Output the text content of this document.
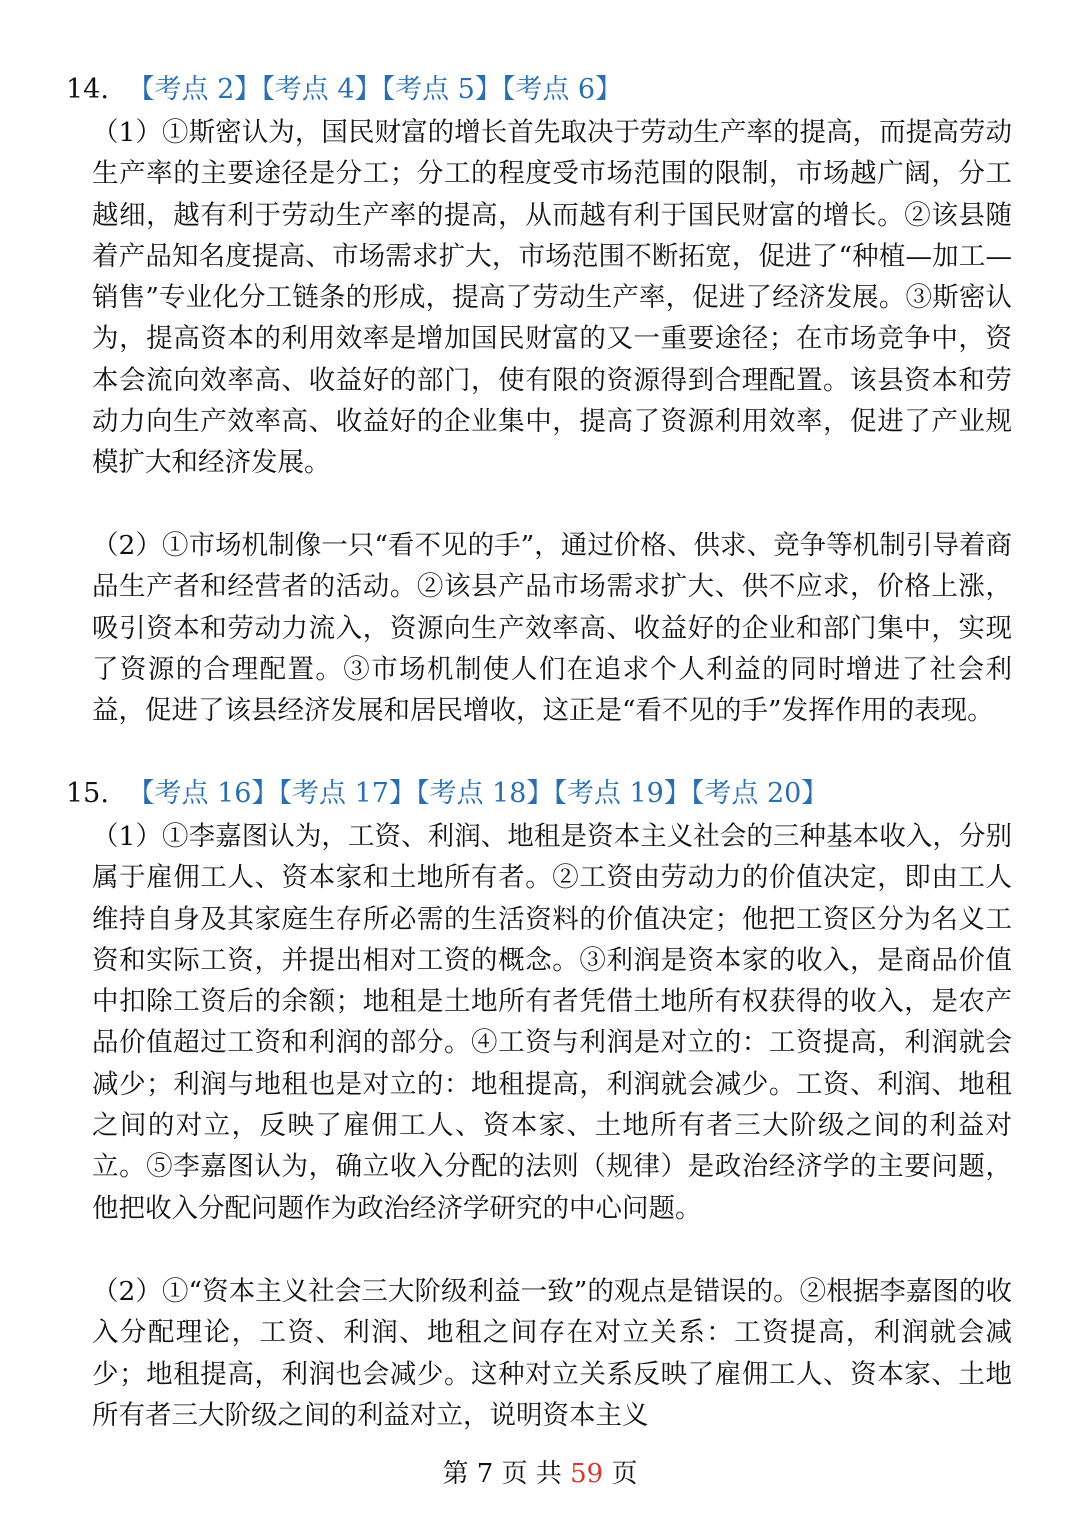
14. 【考点 2】【考点 4】【考点 5】【考点 6】

（1）①斯密认为，国民财富的增长首先取决于劳动生产率的提高，而提高劳动生产率的主要途径是分工；分工的程度受市场范围的限制，市场越广阔，分工越细，越有利于劳动生产率的提高，从而越有利于国民财富的增长。②该县随着产品知名度提高、市场需求扩大，市场范围不断拓宽，促进了“种植—加工—销售”专业化分工链条的形成，提高了劳动生产率，促进了经济发展。③斯密认为，提高资本的利用效率是增加国民财富的又一重要途径；在市场竞争中，资本会流向效率高、收益好的部门，使有限的资源得到合理配置。该县资本和劳动力向生产效率高、收益好的企业集中，提高了资源利用效率，促进了产业规模扩大和经济发展。

（2）①市场机制像一只“看不见的手”，通过价格、供求、竞争等机制引导着商品生产者和经营者的活动。②该县产品市场需求扩大、供不应求，价格上涨，吸引资本和劳动力流入，资源向生产效率高、收益好的企业和部门集中，实现了资源的合理配置。③市场机制使人们在追求个人利益的同时增进了社会利益，促进了该县经济发展和居民增收，这正是“看不见的手”发挥作用的表现。

15. 【考点 16】【考点 17】【考点 18】【考点 19】【考点 20】

（1）①李嘉图认为，工资、利润、地租是资本主义社会的三种基本收入，分别属于雇佣工人、资本家和土地所有者。②工资由劳动力的价值决定，即由工人维持自身及其家庭生存所必需的生活资料的价值决定；他把工资区分为名义工资和实际工资，并提出相对工资的概念。③利润是资本家的收入，是商品价值中扣除工资后的余额；地租是土地所有者凭借土地所有权获得的收入，是农产品价值超过工资和利润的部分。④工资与利润是对立的：工资提高，利润就会减少；利润与地租也是对立的：地租提高，利润就会减少。工资、利润、地租之间的对立，反映了雇佣工人、资本家、土地所有者三大阶级之间的利益对立。⑤李嘉图认为，确立收入分配的法则（规律）是政治经济学的主要问题，他把收入分配问题作为政治经济学研究的中心问题。

（2）①“资本主义社会三大阶级利益一致”的观点是错误的。②根据李嘉图的收入分配理论，工资、利润、地租之间存在对立关系：工资提高，利润就会减少；地租提高，利润也会减少。这种对立关系反映了雇佣工人、资本家、土地所有者三大阶级之间的利益对立，说明资本主义

第 7 页 共 59 页
